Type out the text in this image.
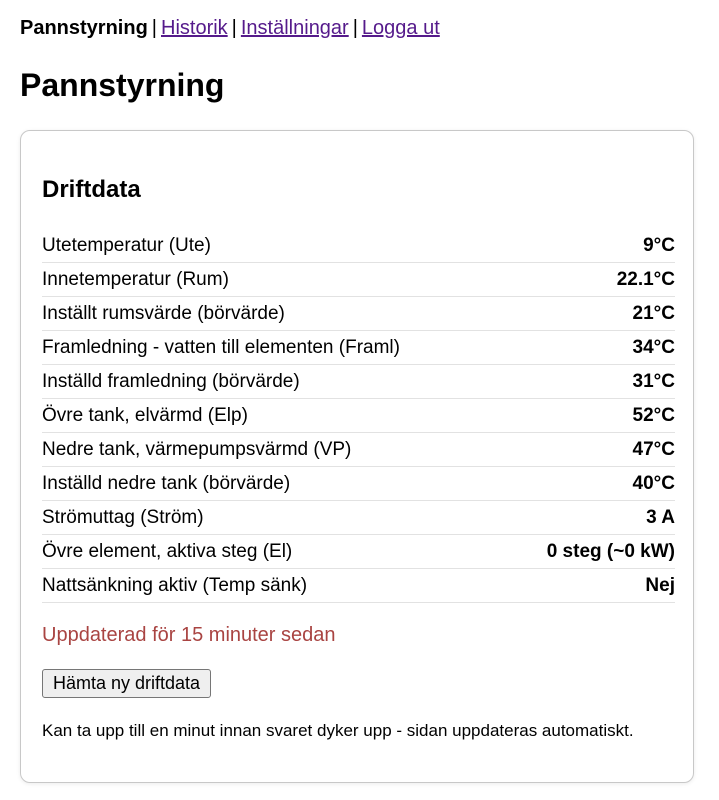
Pannstyrning | Historik | Inställningar | Logga ut
Pannstyrning
Driftdata
Utetemperatur (Ute)	9°C
Innetemperatur (Rum)	22.1°C
Inställt rumsvärde (börvärde)	21°C
Framledning - vatten till elementen (Framl)	34°C
Inställd framledning (börvärde)	31°C
Övre tank, elvärmd (Elp)	52°C
Nedre tank, värmepumpsvärmd (VP)	47°C
Inställd nedre tank (börvärde)	40°C
Strömuttag (Ström)	3 A
Övre element, aktiva steg (El)	0 steg (~0 kW)
Nattsänkning aktiv (Temp sänk)	Nej
Uppdaterad för 15 minuter sedan
Hämta ny driftdata
Kan ta upp till en minut innan svaret dyker upp - sidan uppdateras automatiskt.
